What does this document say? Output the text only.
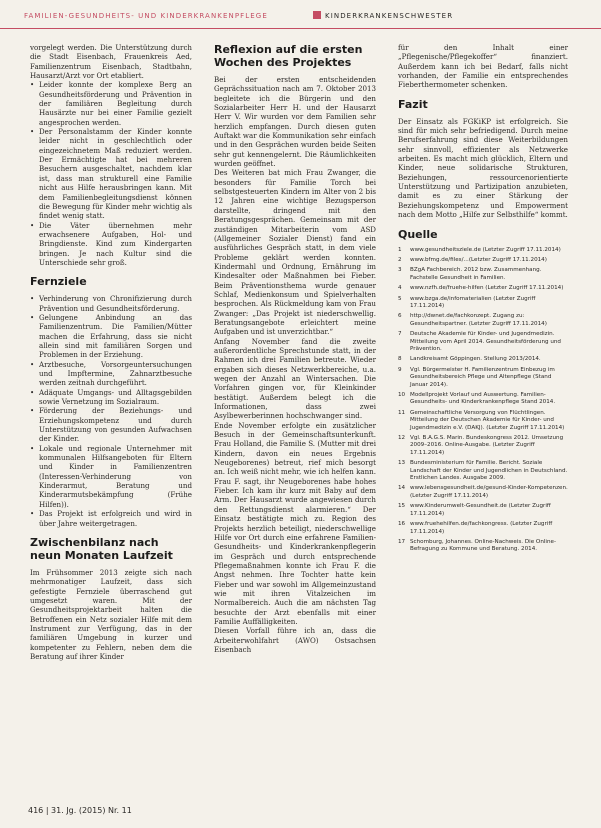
FAMILIEN-GESUNDHEITS- UND KINDERKRANKENPFLEGE	KINDERKRANKENSCHWESTER

vorgelegt werden. Die Unterstützung durch die Stadt Eisenbach, Frauenkreis Aed, Familienzentrum Eisenbach, Stadtbahn, Hausarzt/Arzt vor Ort etabliert.

• Leider konnte der komplexe Berg an Gesundheitsförderung und Prävention in der familiären Begleitung durch Hausärzte nur bei einer Familie gezielt angesprochen werden.
• Der Personalstamm der Kinder konnte leider nicht in geschlechtlich oder eingezeichnetem Maß reduziert werden. Der Ermächtigte hat bei mehreren Besuchern ausgeschaltet, nachdem klar ist, dass man strukturell eine Familie nicht aus Hilfe herausbringen kann. Mit dem Familienbegleitungsdienst können die Bewegung für Kinder mehr wichtig als findet wenig statt.
• Die Väter übernehmen mehr erwachsenere Aufgaben, Hol- und Bringdienste. Kind zum Kindergarten bringen. Je nach Kultur sind die Unterschiede sehr groß.
Fernziele
• Verhinderung von Chronifizierung durch Prävention und Gesundheitsförderung.
• Gelungene Anbindung an das Familienzentrum. Die Familien/Mütter machen die Erfahrung, dass sie nicht allein sind mit familiären Sorgen und Problemen in der Erziehung.
• Arztbesuche, Vorsorgeuntersuchungen und Impftermine, Zahnarztbesuche werden zeitnah durchgeführt.
• Adäquate Umgangs- und Alltagsgebilden sowie Vernetzung im Sozialraum.
• Förderung der Beziehungs- und Erziehungskompetenz und durch Unterstützung von gesunden Aufwachsen der Kinder.
• Lokale und regionale Unternehmer mit kommunalen Hilfsangeboten für Eltern und Kinder in Familienzentren (Interessen-Verhinderung von Kinderarmut, Beratung und Kinderarmutsbekämpfung (Frühe Hilfen)).
• Das Projekt ist erfolgreich und wird in über Jahre weitergetragen.
Zwischenbilanz nach neun Monaten Laufzeit

Im Frühsommer 2013 zeigte sich nach mehrmonatiger Laufzeit, dass sich gefestigte Fernziele überraschend gut umgesetzt waren. Mit der Gesundheitsprojektarbeit halten die Betroffenen ein Netz sozialer Hilfe mit dem Instrument zur Verfügung, das in der familiären Umgebung in kurzer und kompetenter zu Fehlern, neben dem die Beratung auf ihrer Kinder

Reflexion auf die ersten Wochen des Projektes

Bei der ersten entscheidenden Geprächssituation nach am 7. Oktober 2013 begleitete ich die Bürgerin und den Sozialarbeiter Herr H. und der Hausarzt Herr V. Wir wurden vor dem Familien sehr herzlich empfangen. Durch diesen guten Auftakt war die Kommunikation sehr einfach und in den Gesprächen wurden beide Seiten sehr gut kennengelernt. Die Räumlichkeiten wurden geöffnet.

Des Weiteren bat mich Frau Zwanger, die besonders für Familie Torch bei selbstgesteuerten Kindern im Alter von 2 bis 12 Jahren eine wichtige Bezugsperson darstellte, dringend mit den Beratungsgesprächen. Gemeinsam mit der zuständigen Mitarbeiterin vom ASD (Allgemeiner Sozialer Dienst) fand ein ausführliches Gespräch statt, in dem viele Probleme geklärt werden konnten. Kindermahl und Ordnung, Ernährung im Kindesalter oder Maßnahmen bei Fieber. Beim Präventionsthema wurde genauer Schlaf, Medienkonsum und Spielverhalten besprochen. Als Rückmeldung kam von Frau Zwanger: „Das Projekt ist niederschwellig. Beratungsangebote erleichtert meine Aufgaben und ist unverzichtbar.“

Anfang November fand die zweite außerordentliche Sprechstunde statt, in der Rahmen ich drei Familien betreute. Wieder ergaben sich dieses Netzwerkbereiche, u.a. wegen der Anzahl an Wintersachen. Die Vorfahren gingen vor, für Kleinkinder bestätigt. Außerdem belegt ich die Informationen, dass zwei Asylbewerberinnen hochschwanger sind.

Ende November erfolgte ein zusätzlicher Besuch in der Gemeinschaftsunterkunft. Frau Holland, die Familie S. (Mutter mit drei Kindern, davon ein neues Ergebnis Neugeborenes) betreut, rief mich besorgt an. Ich weiß nicht mehr, wie ich helfen kann. Frau F. sagt, ihr Neugeborenes habe hohes Fieber. Ich kam ihr kurz mit Baby auf dem Arm. Der Hausarzt wurde angewiesen durch den Rettungsdienst alarmieren.“ Der Einsatz bestätigte mich zu. Region des Projekts herzlich beteiligt, niederschwellige Hilfe vor Ort durch eine erfahrene Familien-Gesundheits- und Kinderkrankenpflegerin im Gespräch und durch entsprechende Pflegemaßnahmen konnte ich Frau F. die Angst nehmen. Ihre Tochter hatte kein Fieber und war sowohl im Allgemeinzustand wie mit ihren Vitalzeichen im Normalbereich. Auch die am nächsten Tag besuchte der Arzt ebenfalls mit einer Familie Auffälligkeiten.

Diesen Vorfall führe ich an, dass die Arbeiterwohlfahrt (AWO) Ostsachsen Eisenbach

für den Inhalt einer „Pflegenische/Pflegekoffer“ finanziert. Außerdem kann ich bei Bedarf, falls nicht vorhanden, der Familie ein entsprechendes Fieberthermometer schenken.

Fazit

Der Einsatz als FGKiKP ist erfolgreich. Sie sind für mich sehr befriedigend. Durch meine Berufserfahrung sind diese Weiterbildungen sehr sinnvoll, effizienter als Netzwerke arbeiten. Es macht mich glücklich, Eltern und Kinder, neue solidarische Strukturen, Beziehungen, ressourcenorientierte Unterstützung und Partizipation anzubieten, damit es zu einer Stärkung der Beziehungskompetenz und Empowerment nach dem Motto „Hilfe zur Selbsthilfe“ kommt.

Quelle
1	www.gesundheitsziele.de (Letzter Zugriff 17.11.2014)
2	www.bfmg.de/files/...(Letzter Zugriff 17.11.2014)
3	BZgA Fachbereich. 2012 bzw. Zusammenhang. Fachstelle Gesundheit in Familien.
4	www.nzfh.de/fruehe-hilfen (Letzter Zugriff 17.11.2014)
5	www.bzga.de/infomaterialien (Letzter Zugriff 17.11.2014)
6	http://dwnet.de/fachkonzept. Zugang zu: Gesundheitspartner. (Letzter Zugriff 17.11.2014)
7	Deutsche Akademie für Kinder- und Jugendmedizin. Mitteilung vom April 2014. Gesundheitsförderung und Prävention.
8	Landkreisamt Göppingen. Stellung 2013/2014.
9	Vgl. Bürgermeister H. Familienzentrum Einbezug im Gesundheitsbereich Pflege und Altenpflege (Stand Januar 2014).
10 Modellprojekt Vorlauf und Auswertung. Familien-Gesundheits- und Kinderkrankenpflege Stand 2014.
11 Gemeinschaftliche Versorgung von Flüchtlingen. Mitteilung der Deutschen Akademie für Kinder- und Jugendmedizin e.V. (DAKJ). (Letzter Zugriff 17.11.2014)
12 Vgl. B.A.G.S. Marin. Bundeskongress 2012. Umsetzung 2009–2016. Online-Ausgabe. (Letzter Zugriff 17.11.2014)
13 Bundesministerium für Familie. Bericht. Soziale Landschaft der Kinder und Jugendlichen in Deutschland. Erstlichen Landes. Ausgabe 2009.
14 www.lebensgesundheit.de/gesund-Kinder-Kompetenzen. (Letzter Zugriff 17.11.2014)
15 www.Kinderumwelt-Gesundheit.de (Letzter Zugriff 17.11.2014)
16 www.fruehehilfen.de/fachkongress. (Letzter Zugriff 17.11.2014)
17 Schomburg, Johannes. Online-Nachweis. Die Online-Befragung zu Kommune und Beratung. 2014.
416 | 31. Jg. (2015) Nr. 11
